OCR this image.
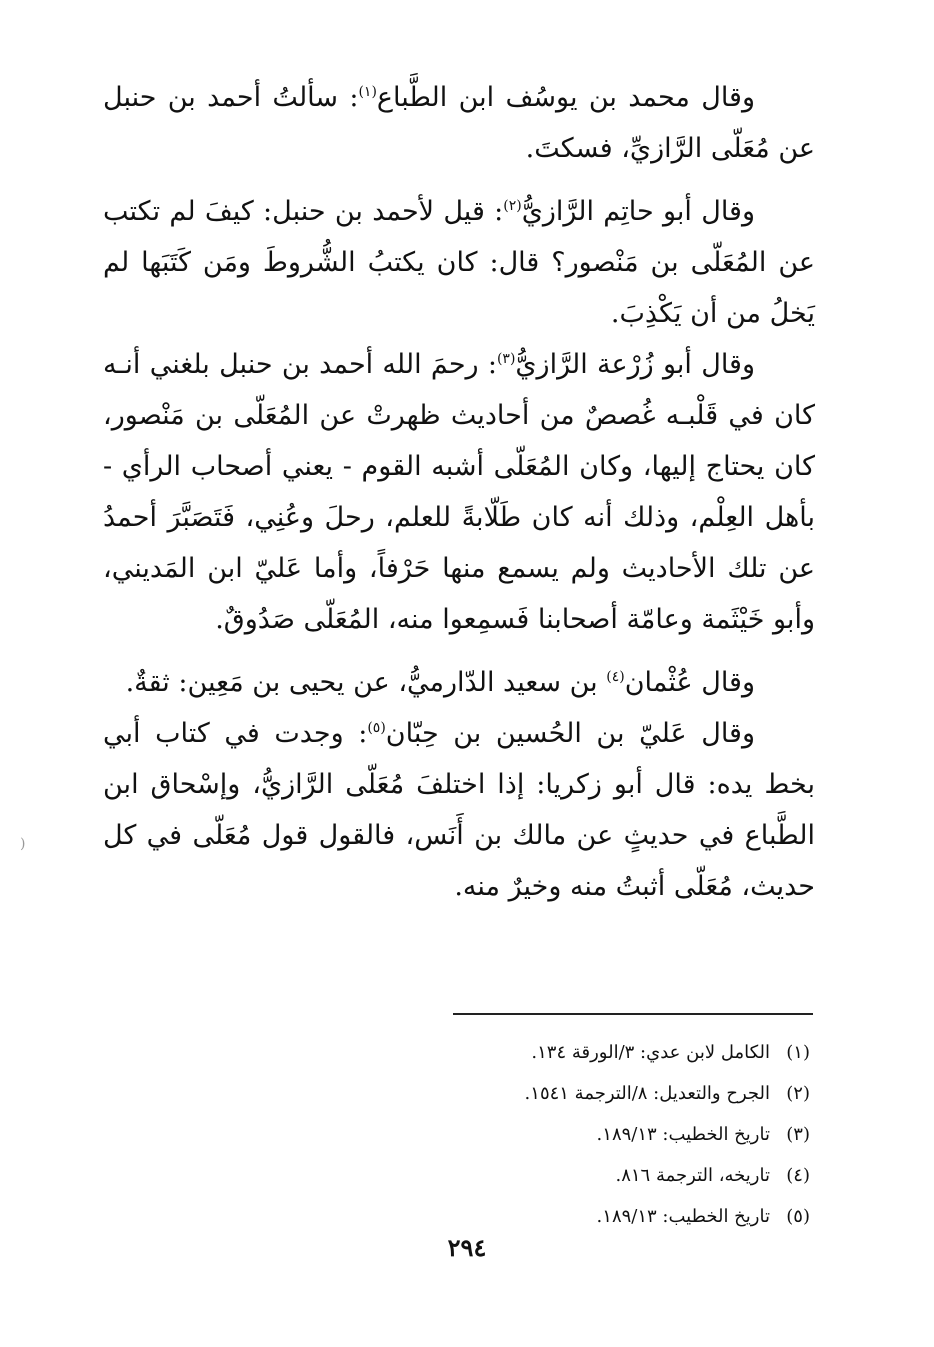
وقال محمد بن يوسُف ابن الطَّباع$^{(١)}$: سألتُ أحمد بن حنبل عن مُعَلّى الرَّازيِّ، فسكتَ.

وقال أبو حاتِم الرَّازيُّ$^{(٢)}$: قيل لأحمد بن حنبل: كيفَ لم تكتب عن المُعَلّى بن مَنْصور؟ قال: كان يكتبُ الشُّروطَ ومَن كَتَبَها لم يَخلُ من أن يَكْذِبَ.

وقال أبو زُرْعة الرَّازيُّ$^{(٣)}$: رحمَ الله أحمد بن حنبل بلغني أنـه كان في قَلْبـه غُصصٌ من أحاديث ظهرتْ عن المُعَلّى بن مَنْصور، كان يحتاج إليها، وكان المُعَلّى أشبه القوم - يعني أصحاب الرأي - بأهل العِلْم، وذلك أنه كان طَلّابةً للعلم، رحلَ وعُنِي، فَتَصَبَّرَ أحمدُ عن تلك الأحاديث ولم يسمع منها حَرْفاً، وأما عَليّ ابن المَديني، وأبو خَيْثَمة وعامّة أصحابنا فَسمِعوا منه، المُعَلّى صَدُوقٌ.

وقال عُثْمان$^{(٤)}$ بن سعيد الدّارميُّ، عن يحيى بن مَعِين: ثقةٌ.

وقال عَليّ بن الحُسين بن حِبّان$^{(٥)}$: وجدت في كتاب أبي بخط يده: قال أبو زكريا: إذا اختلفَ مُعَلّى الرَّازيُّ، وإسْحاق ابن الطَّباع في حديثٍ عن مالك بن أَنَس، فالقول قول مُعَلّى في كل حديث، مُعَلّى أثبتُ منه وخيرٌ منه.

)
(١)الكامل لابن عدي: ٣/الورقة ١٣٤.
(٢)الجرح والتعديل: ٨/الترجمة ١٥٤١.
(٣)تاريخ الخطيب: ١٨٩/١٣.
(٤)تاريخه، الترجمة ٨١٦.
(٥)تاريخ الخطيب: ١٨٩/١٣.
٢٩٤
